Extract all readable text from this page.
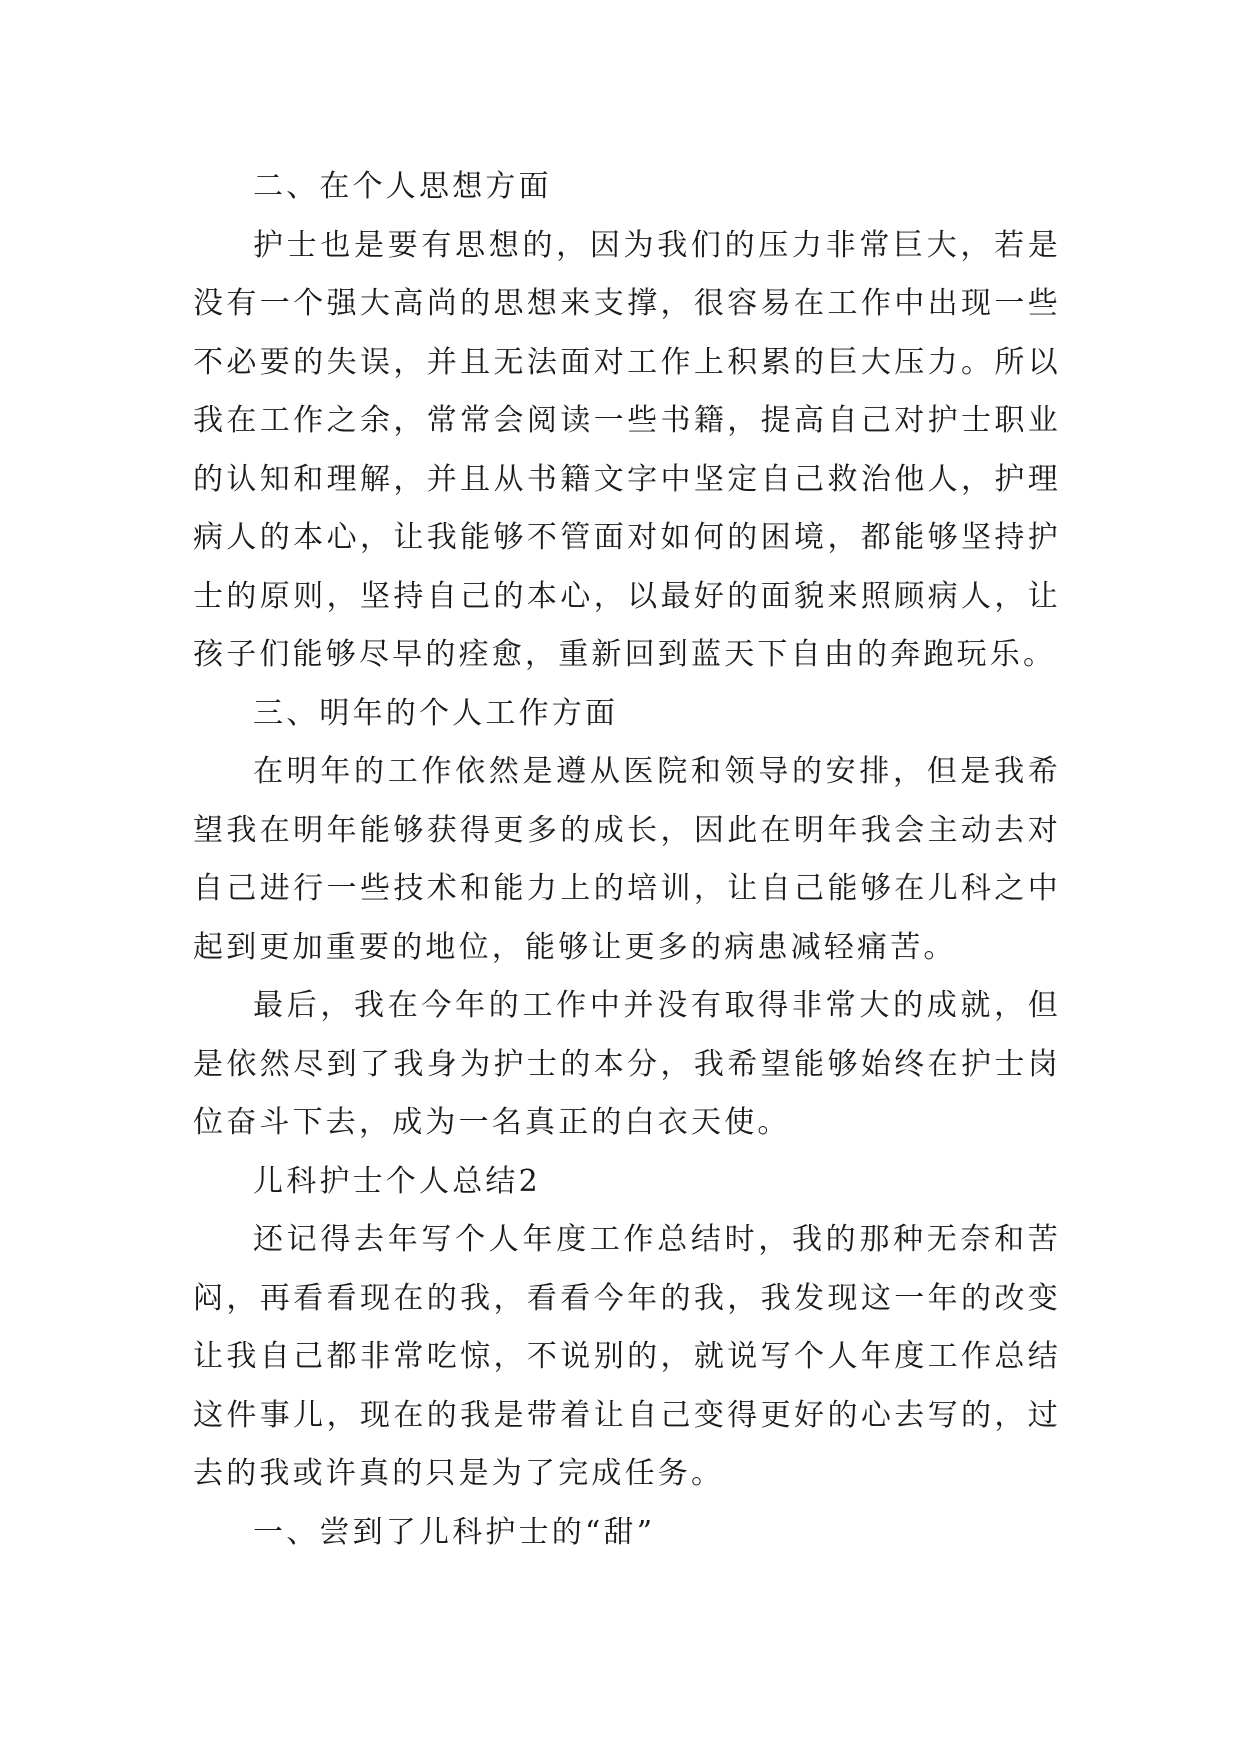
二、在个人思想方面

护士也是要有思想的，因为我们的压力非常巨大，若是没有一个强大高尚的思想来支撑，很容易在工作中出现一些不必要的失误，并且无法面对工作上积累的巨大压力。所以我在工作之余，常常会阅读一些书籍，提高自己对护士职业的认知和理解，并且从书籍文字中坚定自己救治他人，护理病人的本心，让我能够不管面对如何的困境，都能够坚持护士的原则，坚持自己的本心，以最好的面貌来照顾病人，让孩子们能够尽早的痊愈，重新回到蓝天下自由的奔跑玩乐。

三、明年的个人工作方面

在明年的工作依然是遵从医院和领导的安排，但是我希望我在明年能够获得更多的成长，因此在明年我会主动去对自己进行一些技术和能力上的培训，让自己能够在儿科之中起到更加重要的地位，能够让更多的病患减轻痛苦。

最后，我在今年的工作中并没有取得非常大的成就，但是依然尽到了我身为护士的本分，我希望能够始终在护士岗位奋斗下去，成为一名真正的白衣天使。

儿科护士个人总结2

还记得去年写个人年度工作总结时，我的那种无奈和苦闷，再看看现在的我，看看今年的我，我发现这一年的改变让我自己都非常吃惊，不说别的，就说写个人年度工作总结这件事儿，现在的我是带着让自己变得更好的心去写的，过去的我或许真的只是为了完成任务。

一、尝到了儿科护士的“甜”
